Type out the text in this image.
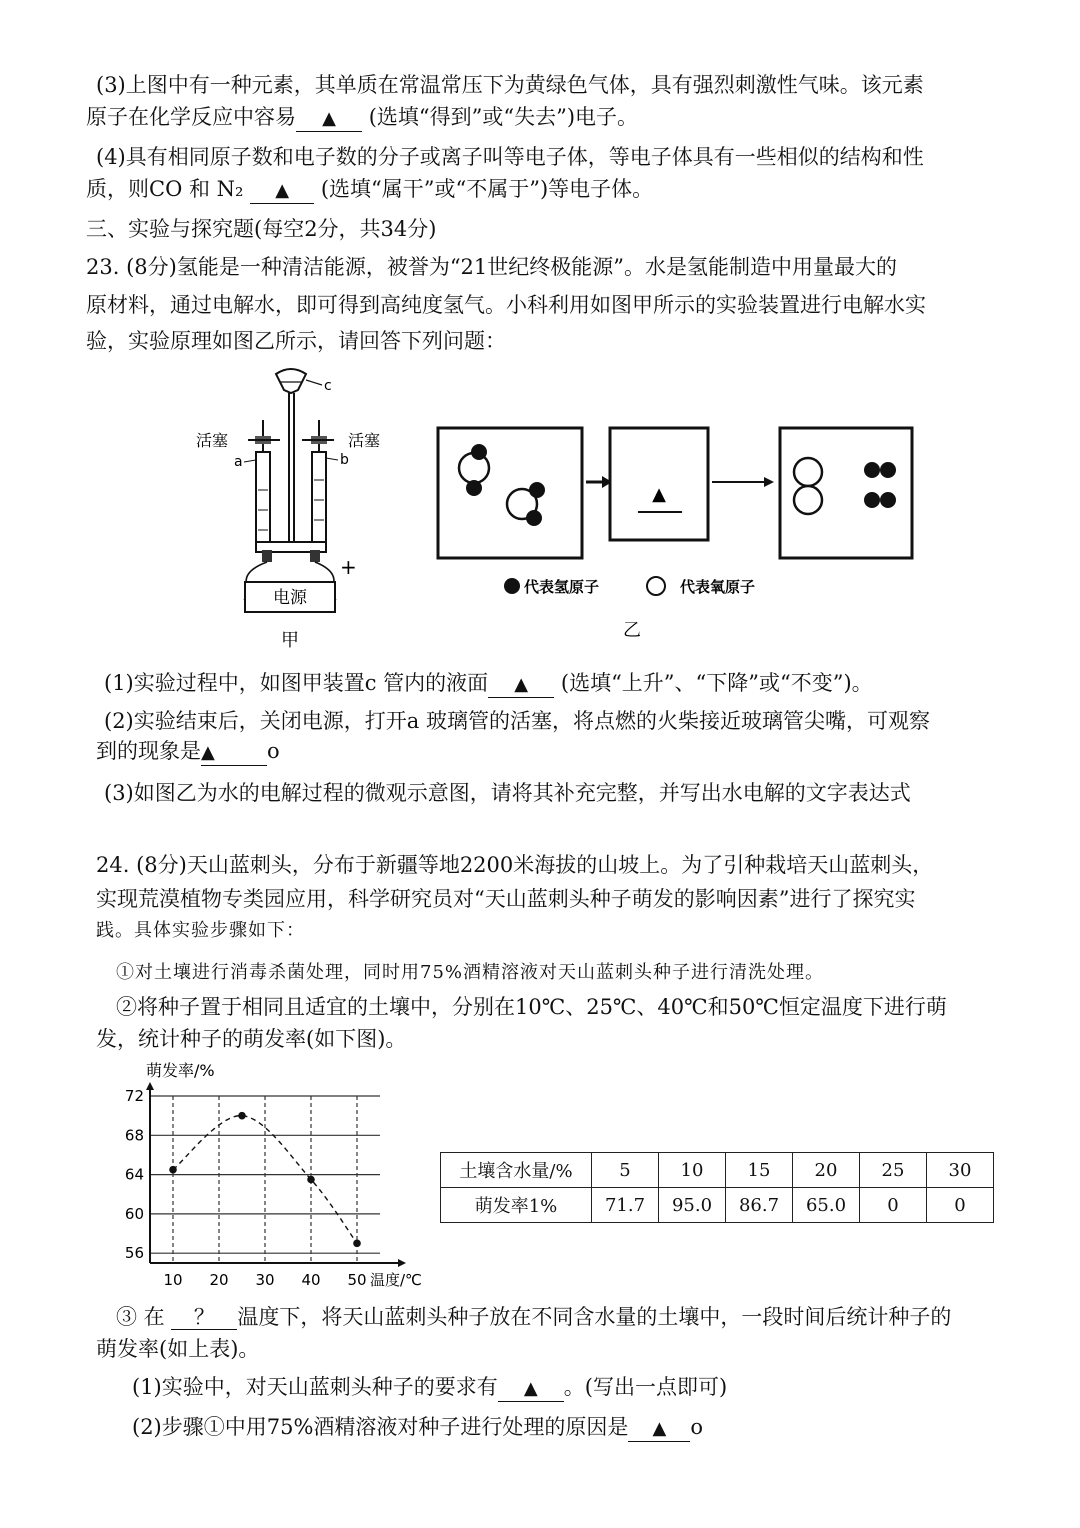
(3)上图中有一种元素，其单质在常温常压下为黄绿色气体，具有强烈刺激性气味。该元素
原子在化学反应中容易 ▲ (选填“得到”或“失去”)电子。
(4)具有相同原子数和电子数的分子或离子叫等电子体，等电子体具有一些相似的结构和性
质，则CO 和 N₂ ▲ (选填“属干”或“不属于”)等电子体。
三、实验与探究题(每空2分，共34分)
23. (8分)氢能是一种清洁能源，被誉为“21世纪终极能源”。水是氢能制造中用量最大的
原材料，通过电解水，即可得到高纯度氢气。小科利用如图甲所示的实验装置进行电解水实
验，实验原理如图乙所示，请回答下列问题：
c
活塞	活塞
a	b
+
电源
甲
▲
代表氢原子	代表氧原子
乙
(1)实验过程中，如图甲装置c 管内的液面 ▲ (选填“上升”、“下降”或“不变”)。
(2)实验结束后，关闭电源，打开a 玻璃管的活塞，将点燃的火柴接近玻璃管尖嘴，可观察
到的现象是▲ o
(3)如图乙为水的电解过程的微观示意图，请将其补充完整，并写出水电解的文字表达式
24. (8分)天山蓝刺头，分布于新疆等地2200米海拔的山坡上。为了引种栽培天山蓝刺头，
实现荒漠植物专类园应用，科学研究员对“天山蓝刺头种子萌发的影响因素”进行了探究实
践。具体实验步骤如下：
①对土壤进行消毒杀菌处理，同时用75%酒精溶液对天山蓝刺头种子进行清洗处理。
②将种子置于相同且适宜的土壤中，分别在10℃、25℃、40℃和50℃恒定温度下进行萌
发，统计种子的萌发率(如下图)。
10 20 30 40 50
56
60
64
68
72
萌发率/%
温度/℃
土壤含水量/%	5	10	15	20	25	30
萌发率1%	71.7	95.0	86.7	65.0	0	0
③ 在 ？ 温度下，将天山蓝刺头种子放在不同含水量的土壤中，一段时间后统计种子的
萌发率(如上表)。
(1)实验中，对天山蓝刺头种子的要求有 ▲ 。(写出一点即可)
(2)步骤①中用75%酒精溶液对种子进行处理的原因是 ▲ o
